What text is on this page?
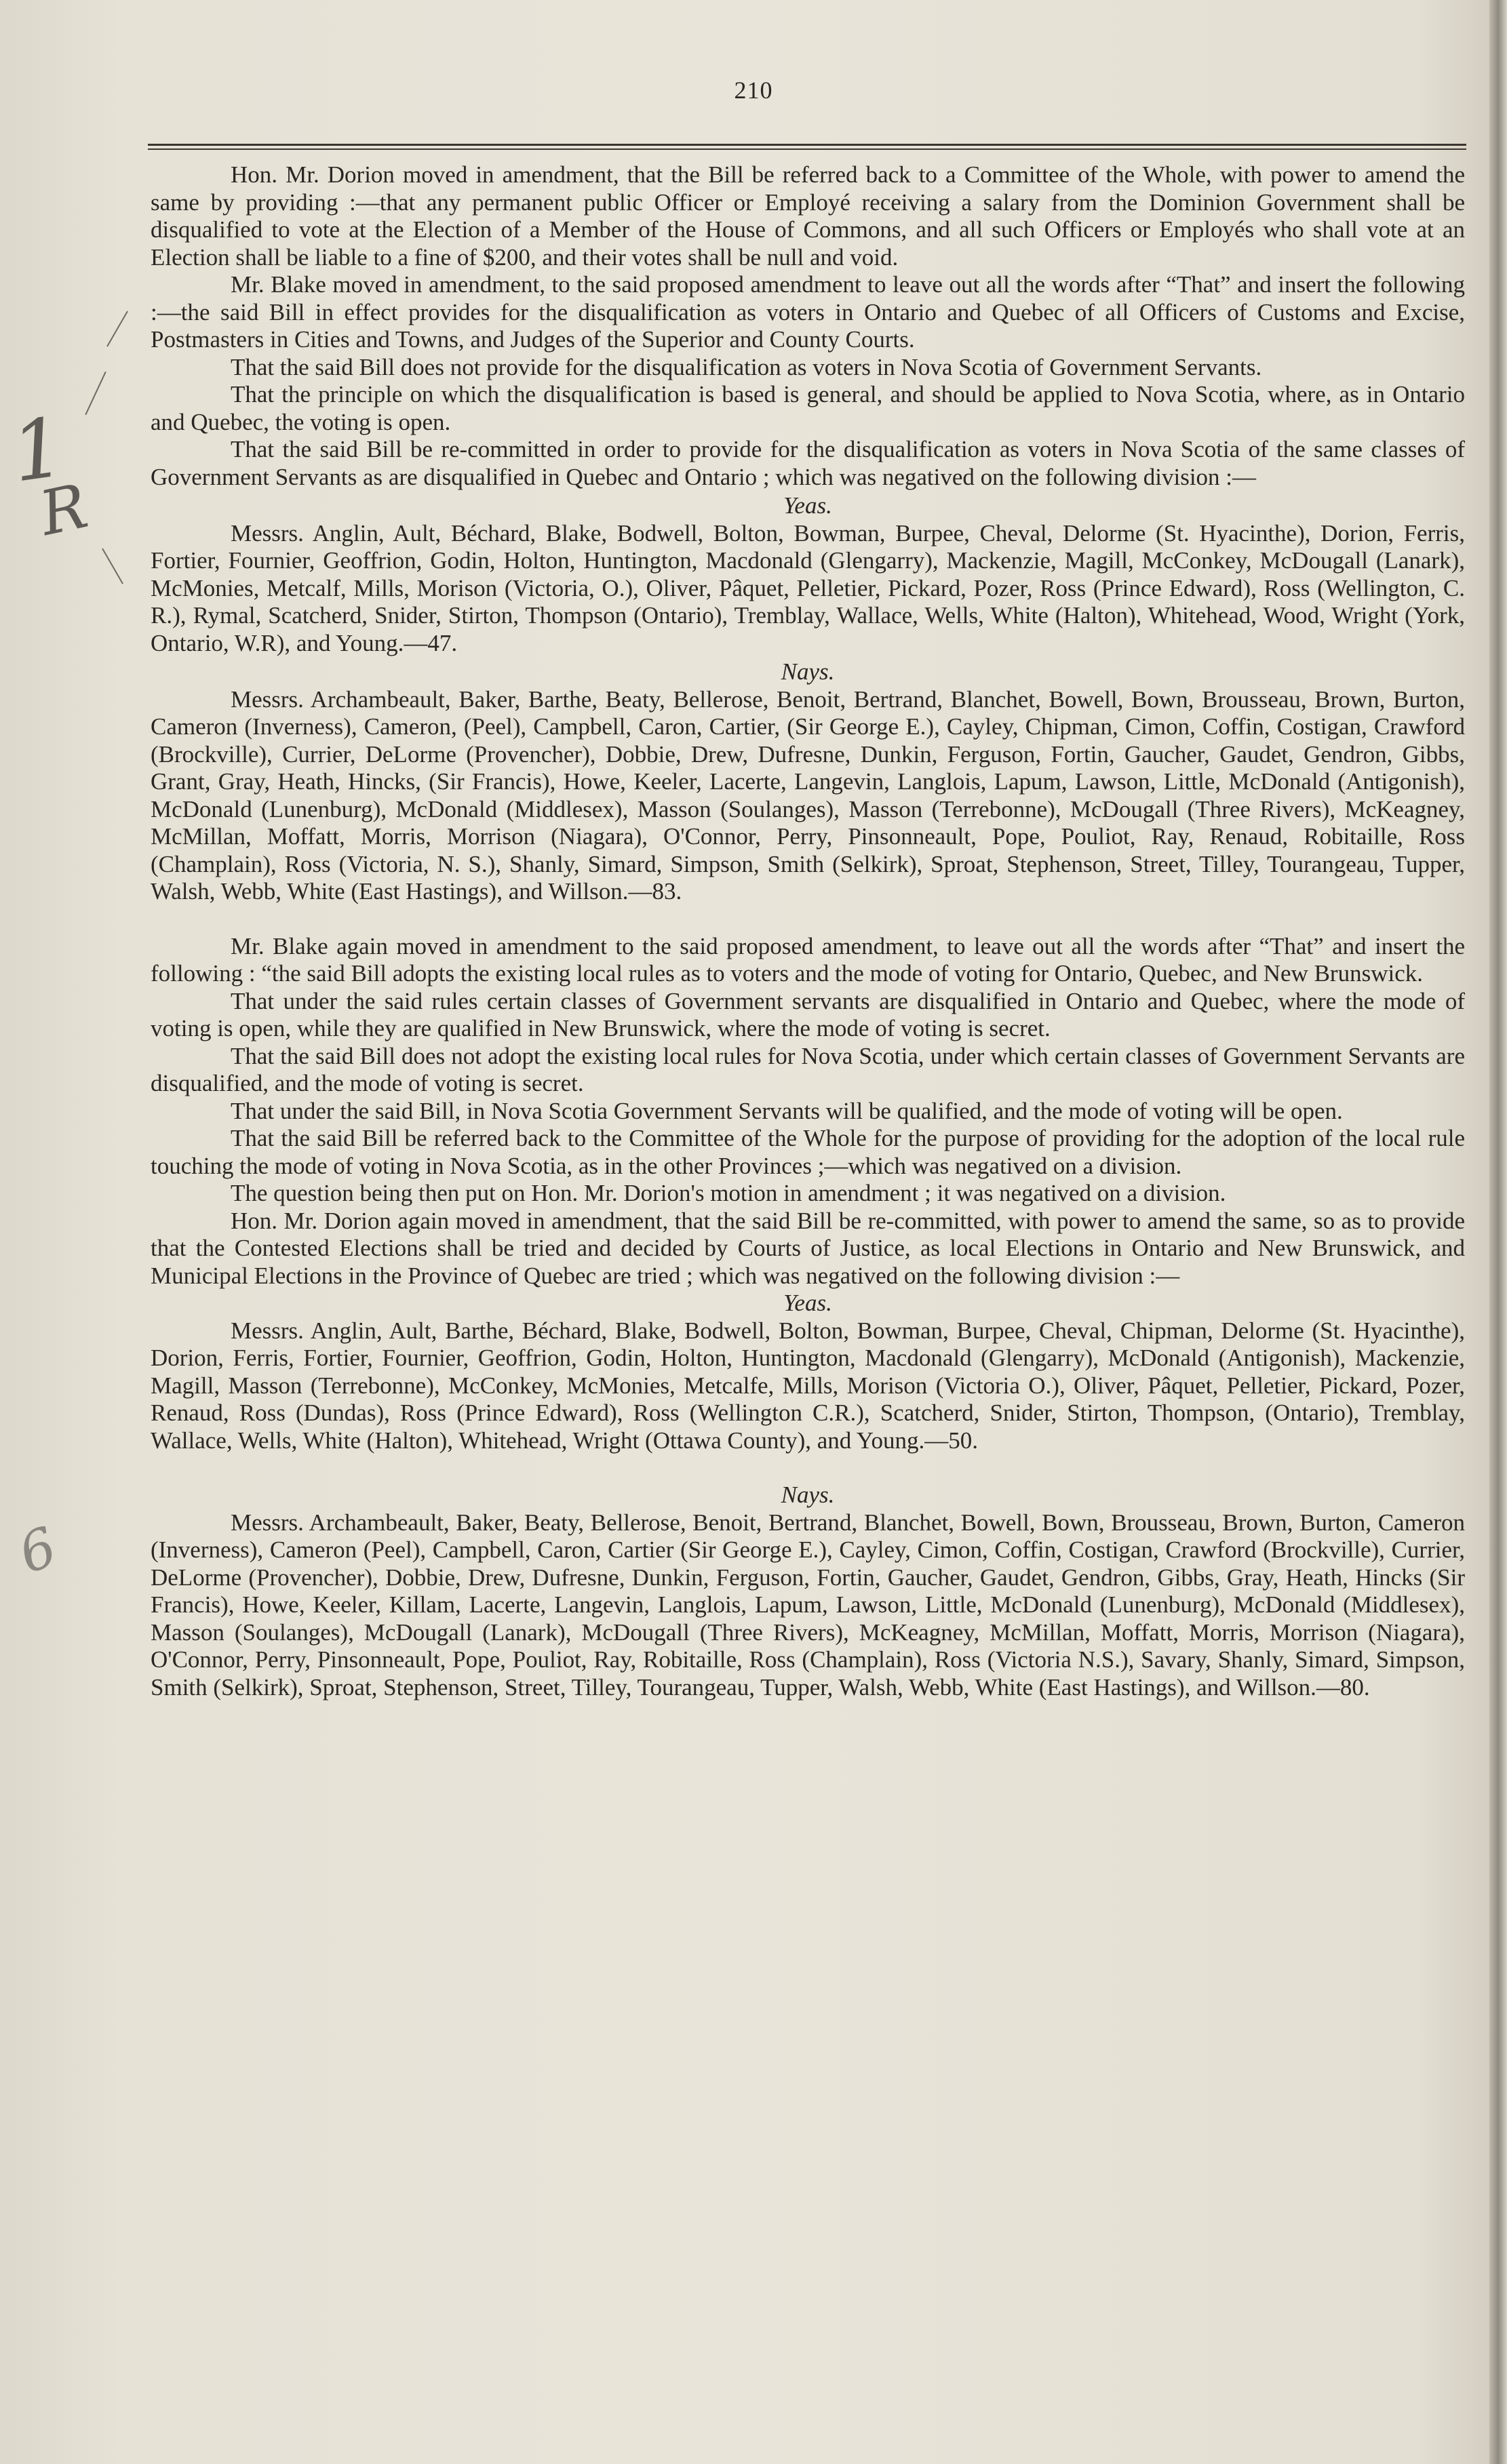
210
1
R
6

Hon. Mr. Dorion moved in amendment, that the Bill be referred back to a Committee of the Whole, with power to amend the same by providing :—that any permanent public Officer or Employé receiving a salary from the Dominion Government shall be disqualified to vote at the Election of a Member of the House of Commons, and all such Officers or Employés who shall vote at an Election shall be liable to a fine of $200, and their votes shall be null and void.

Mr. Blake moved in amendment, to the said proposed amendment to leave out all the words after “That” and insert the following :—the said Bill in effect provides for the disqualification as voters in Ontario and Quebec of all Officers of Customs and Excise, Postmasters in Cities and Towns, and Judges of the Superior and County Courts.

That the said Bill does not provide for the disqualification as voters in Nova Scotia of Government Servants.

That the principle on which the disqualification is based is general, and should be applied to Nova Scotia, where, as in Ontario and Quebec, the voting is open.

That the said Bill be re-committed in order to provide for the disqualification as voters in Nova Scotia of the same classes of Government Servants as are disqualified in Quebec and Ontario ; which was negatived on the following division :—

Yeas.

Messrs. Anglin, Ault, Béchard, Blake, Bodwell, Bolton, Bowman, Burpee, Cheval, Delorme (St. Hyacinthe), Dorion, Ferris, Fortier, Fournier, Geoffrion, Godin, Holton, Huntington, Macdonald (Glengarry), Mackenzie, Magill, McConkey, McDougall (Lanark), McMonies, Metcalf, Mills, Morison (Victoria, O.), Oliver, Pâquet, Pelletier, Pickard, Pozer, Ross (Prince Edward), Ross (Wellington, C. R.), Rymal, Scatcherd, Snider, Stirton, Thompson (Ontario), Tremblay, Wallace, Wells, White (Halton), Whitehead, Wood, Wright (York, Ontario, W.R), and Young.—47.

Nays.

Messrs. Archambeault, Baker, Barthe, Beaty, Bellerose, Benoit, Bertrand, Blanchet, Bowell, Bown, Brousseau, Brown, Burton, Cameron (Inverness), Cameron, (Peel), Campbell, Caron, Cartier, (Sir George E.), Cayley, Chipman, Cimon, Coffin, Costigan, Crawford (Brockville), Currier, DeLorme (Provencher), Dobbie, Drew, Dufresne, Dunkin, Ferguson, Fortin, Gaucher, Gaudet, Gendron, Gibbs, Grant, Gray, Heath, Hincks, (Sir Francis), Howe, Keeler, Lacerte, Langevin, Langlois, Lapum, Lawson, Little, McDonald (Antigonish), McDonald (Lunenburg), McDonald (Middlesex), Masson (Soulanges), Masson (Terrebonne), McDougall (Three Rivers), McKeagney, McMillan, Moffatt, Morris, Morrison (Niagara), O'Connor, Perry, Pinsonneault, Pope, Pouliot, Ray, Renaud, Robitaille, Ross (Champlain), Ross (Victoria, N. S.), Shanly, Simard, Simpson, Smith (Selkirk), Sproat, Stephenson, Street, Tilley, Tourangeau, Tupper, Walsh, Webb, White (East Hastings), and Willson.—83.

Mr. Blake again moved in amendment to the said proposed amendment, to leave out all the words after “That” and insert the following : “the said Bill adopts the existing local rules as to voters and the mode of voting for Ontario, Quebec, and New Brunswick.

That under the said rules certain classes of Government servants are disqualified in Ontario and Quebec, where the mode of voting is open, while they are qualified in New Brunswick, where the mode of voting is secret.

That the said Bill does not adopt the existing local rules for Nova Scotia, under which certain classes of Government Servants are disqualified, and the mode of voting is secret.

That under the said Bill, in Nova Scotia Government Servants will be qualified, and the mode of voting will be open.

That the said Bill be referred back to the Committee of the Whole for the purpose of providing for the adoption of the local rule touching the mode of voting in Nova Scotia, as in the other Provinces ;—which was negatived on a division.

The question being then put on Hon. Mr. Dorion's motion in amendment ; it was negatived on a division.

Hon. Mr. Dorion again moved in amendment, that the said Bill be re-committed, with power to amend the same, so as to provide that the Contested Elections shall be tried and decided by Courts of Justice, as local Elections in Ontario and New Brunswick, and Municipal Elections in the Province of Quebec are tried ; which was negatived on the following division :—

Yeas.

Messrs. Anglin, Ault, Barthe, Béchard, Blake, Bodwell, Bolton, Bowman, Burpee, Cheval, Chipman, Delorme (St. Hyacinthe), Dorion, Ferris, Fortier, Fournier, Geoffrion, Godin, Holton, Huntington, Macdonald (Glengarry), McDonald (Antigonish), Mackenzie, Magill, Masson (Terrebonne), McConkey, McMonies, Metcalfe, Mills, Morison (Victoria O.), Oliver, Pâquet, Pelletier, Pickard, Pozer, Renaud, Ross (Dundas), Ross (Prince Edward), Ross (Wellington C.R.), Scatcherd, Snider, Stirton, Thompson, (Ontario), Tremblay, Wallace, Wells, White (Halton), Whitehead, Wright (Ottawa County), and Young.—50.

Nays.

Messrs. Archambeault, Baker, Beaty, Bellerose, Benoit, Bertrand, Blanchet, Bowell, Bown, Brousseau, Brown, Burton, Cameron (Inverness), Cameron (Peel), Campbell, Caron, Cartier (Sir George E.), Cayley, Cimon, Coffin, Costigan, Crawford (Brockville), Currier, DeLorme (Provencher), Dobbie, Drew, Dufresne, Dunkin, Ferguson, Fortin, Gaucher, Gaudet, Gendron, Gibbs, Gray, Heath, Hincks (Sir Francis), Howe, Keeler, Killam, Lacerte, Langevin, Langlois, Lapum, Lawson, Little, McDonald (Lunenburg), McDonald (Middlesex), Masson (Soulanges), McDougall (Lanark), McDougall (Three Rivers), McKeagney, McMillan, Moffatt, Morris, Morrison (Niagara), O'Connor, Perry, Pinsonneault, Pope, Pouliot, Ray, Robitaille, Ross (Champlain), Ross (Victoria N.S.), Savary, Shanly, Simard, Simpson, Smith (Selkirk), Sproat, Stephenson, Street, Tilley, Tourangeau, Tupper, Walsh, Webb, White (East Hastings), and Willson.—80.
